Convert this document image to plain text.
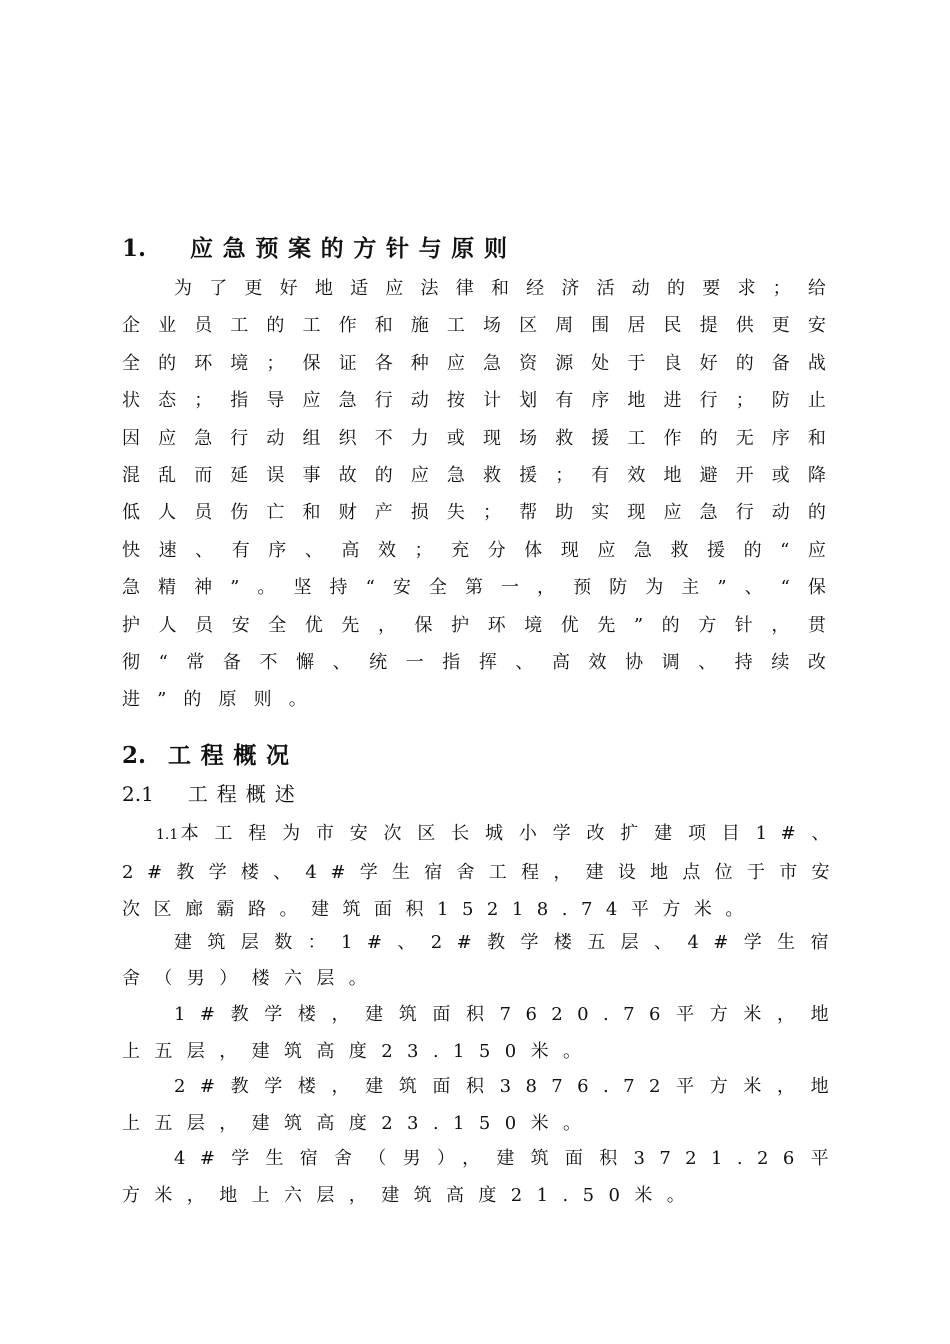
1. 应急预案的方针与原则

为了更好地适应法律和经济活动的要求；给企业员工的工作和施工场区周围居民提供更安全的环境；保证各种应急资源处于良好的备战状态；指导应急行动按计划有序地进行；防止因应急行动组织不力或现场救援工作的无序和混乱而延误事故的应急救援；有效地避开或降低人员伤亡和财产损失；帮助实现应急行动的快速、有序、高效；充分体现应急救援的“应急精神”。坚持“安全第一，预防为主”、“保护人员安全优先，保护环境优先”的方针，贯彻“常备不懈、统一指挥、高效协调、持续改进”的原则。

2. 工程概况
2.1 工程概述

1.1本工程为市安次区长城小学改扩建项目1#、2#教学楼、4#学生宿舍工程，建设地点位于市安次区廊霸路。建筑面积15218.74平方米。

建筑层数：1#、2#教学楼五层、4#学生宿舍（男）楼六层。

1#教学楼，建筑面积7620.76平方米，地上五层，建筑高度23.150米。

2#教学楼，建筑面积3876.72平方米，地上五层，建筑高度23.150米。

4#学生宿舍（男），建筑面积3721.26平方米，地上六层，建筑高度21.50米。
